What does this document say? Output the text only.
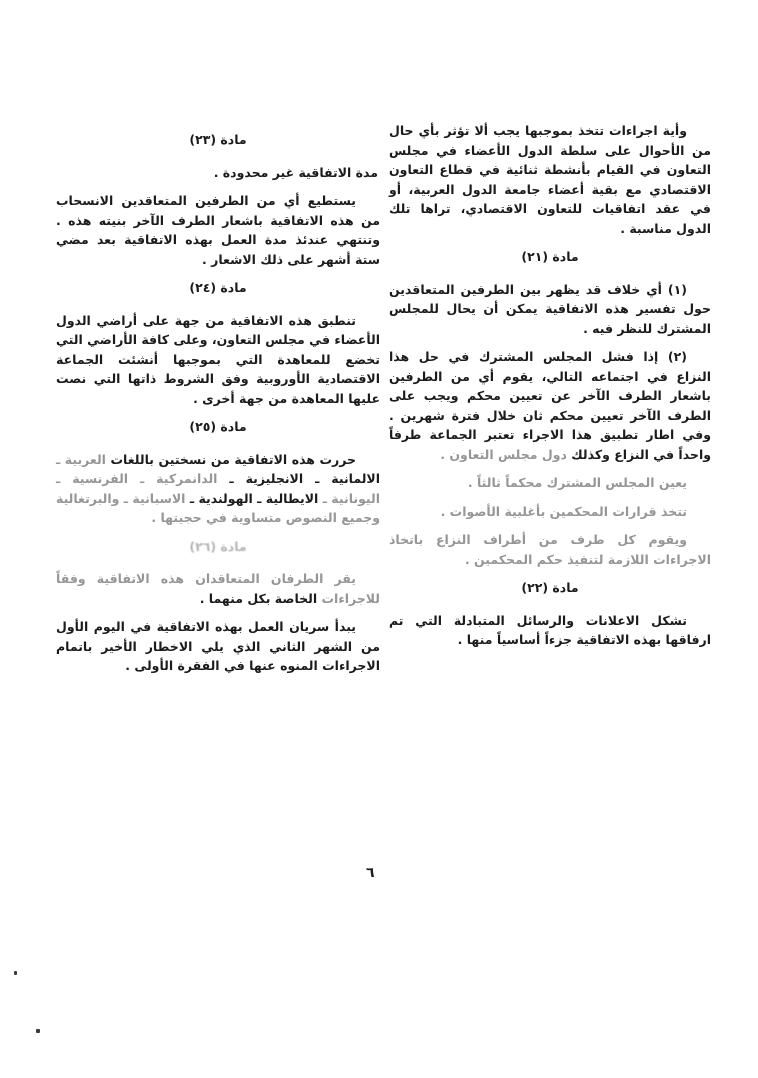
وأية اجراءات تتخذ بموجبها يجب ألا تؤثر بأي حال من الأحوال على سلطة الدول الأعضاء في مجلس التعاون في القيام بأنشطة ثنائية في قطاع التعاون الاقتصادي مع بقية أعضاء جامعة الدول العربية، أو في عقد اتفاقيات للتعاون الاقتصادي، تراها تلك الدول مناسبة .

مادة (٢١)

(١) أي خلاف قد يظهر بين الطرفين المتعاقدين حول تفسير هذه الاتفاقية يمكن أن يحال للمجلس المشترك للنظر فيه .

(٢) إذا فشل المجلس المشترك في حل هذا النزاع في اجتماعه التالي، يقوم أي من الطرفين باشعار الطرف الآخر عن تعيين محكم ويجب على الطرف الآخر تعيين محكم ثان خلال فترة شهرين . وفي اطار تطبيق هذا الاجراء تعتبر الجماعة طرفاً واحداً في النزاع وكذلك دول مجلس التعاون .

يعين المجلس المشترك محكماً ثالثاً .

تتخذ قرارات المحكمين بأغلبية الأصوات .

ويقوم كل طرف من أطراف النزاع باتخاذ الاجراءات اللازمة لتنفيذ حكم المحكمين .

مادة (٢٢)

تشكل الاعلانات والرسائل المتبادلة التي تم ارفاقها بهذه الاتفاقية جزءاً أساسياً منها .

مادة (٢٣)

مدة الاتفاقية غير محدودة .

يستطيع أي من الطرفين المتعاقدين الانسحاب من هذه الاتفاقية باشعار الطرف الآخر بنيته هذه . وتنتهي عندئذ مدة العمل بهذه الاتفاقية بعد مضي ستة أشهر على ذلك الاشعار .

مادة (٢٤)

تنطبق هذه الاتفاقية من جهة على أراضي الدول الأعضاء في مجلس التعاون، وعلى كافة الأراضي التي تخضع للمعاهدة التي بموجبها أنشئت الجماعة الاقتصادية الأوروبية وفق الشروط ذاتها التي نصت عليها المعاهدة من جهة أخرى .

مادة (٢٥)

حررت هذه الاتفاقية من نسختين باللغات العربية ـ الالمانية ـ الانجليزية ـ الدانمركية ـ الفرنسية ـ اليونانية ـ الايطالية ـ الهولندية ـ الاسبانية ـ والبرتغالية وجميع النصوص متساوية في حجيتها .

مادة (٢٦)

يقر الطرفان المتعاقدان هذه الاتفاقية وفقاً للاجراءات الخاصة بكل منهما .

يبدأ سريان العمل بهذه الاتفاقية في اليوم الأول من الشهر الثاني الذي يلي الاخطار الأخير باتمام الاجراءات المنوه عنها في الفقرة الأولى .

٦
